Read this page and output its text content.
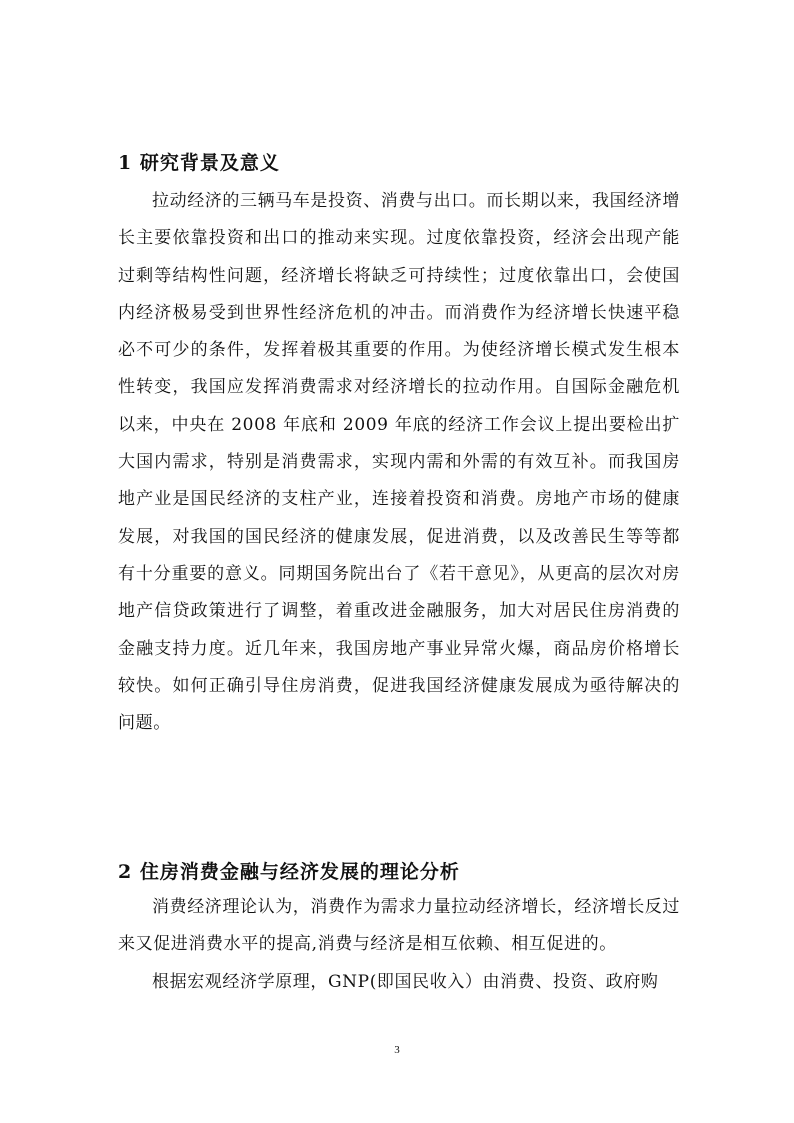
1 研究背景及意义

拉动经济的三辆马车是投资、消费与出口。而长期以来，我国经济增长主要依靠投资和出口的推动来实现。过度依靠投资，经济会出现产能过剩等结构性问题，经济增长将缺乏可持续性；过度依靠出口，会使国内经济极易受到世界性经济危机的冲击。而消费作为经济增长快速平稳必不可少的条件，发挥着极其重要的作用。为使经济增长模式发生根本性转变，我国应发挥消费需求对经济增长的拉动作用。自国际金融危机以来，中央在 2008 年底和 2009 年底的经济工作会议上提出要检出扩大国内需求，特别是消费需求，实现内需和外需的有效互补。而我国房地产业是国民经济的支柱产业，连接着投资和消费。房地产市场的健康发展，对我国的国民经济的健康发展，促进消费，以及改善民生等等都有十分重要的意义。同期国务院出台了《若干意见》，从更高的层次对房地产信贷政策进行了调整，着重改进金融服务，加大对居民住房消费的金融支持力度。近几年来，我国房地产事业异常火爆，商品房价格增长较快。如何正确引导住房消费，促进我国经济健康发展成为亟待解决的问题。

2 住房消费金融与经济发展的理论分析

消费经济理论认为，消费作为需求力量拉动经济增长，经济增长反过来又促进消费水平的提高,消费与经济是相互依赖、相互促进的。

根据宏观经济学原理，GNP(即国民收入）由消费、投资、政府购

3
